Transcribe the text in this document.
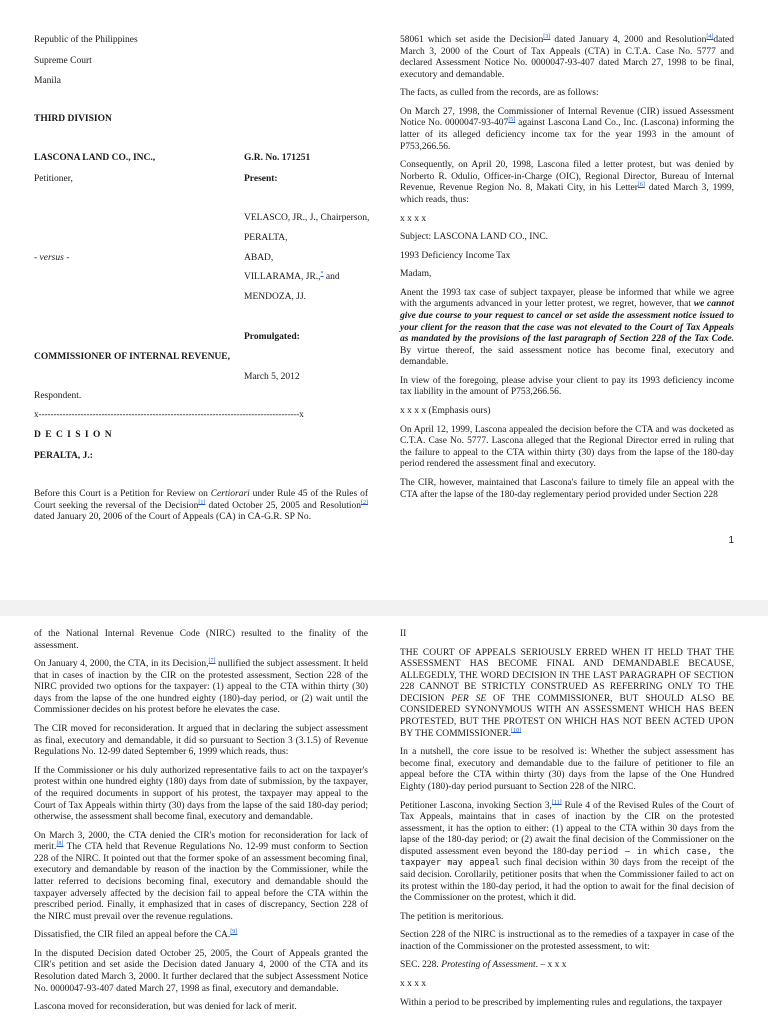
Republic of the Philippines
Supreme Court
Manila
THIRD DIVISION
LASCONA LAND CO., INC.,	G.R. No. 171251
Petitioner,	Present:
VELASCO, JR., J., Chairperson,
PERALTA,
- versus -	ABAD,
VILLARAMA, JR.,* and
MENDOZA, JJ.
Promulgated:
COMMISSIONER OF INTERNAL REVENUE,
March 5, 2012
Respondent.
x---------------------------------------------------------------------------------------x
D E C I S I O N
PERALTA, J.:

Before this Court is a Petition for Review on Certiorari under Rule 45 of the Rules of Court seeking the reversal of the Decision[1] dated October 25, 2005 and Resolution[2] dated January 20, 2006 of the Court of Appeals (CA) in CA-G.R. SP No.

58061 which set aside the Decision[3] dated January 4, 2000 and Resolution[4]dated March 3, 2000 of the Court of Tax Appeals (CTA) in C.T.A. Case No. 5777 and declared Assessment Notice No. 0000047-93-407 dated March 27, 1998 to be final, executory and demandable.

The facts, as culled from the records, are as follows:

On March 27, 1998, the Commissioner of Internal Revenue (CIR) issued Assessment Notice No. 0000047-93-407[5] against Lascona Land Co., Inc. (Lascona) informing the latter of its alleged deficiency income tax for the year 1993 in the amount of P753,266.56.

Consequently, on April 20, 1998, Lascona filed a letter protest, but was denied by Norberto R. Odulio, Officer-in-Charge (OIC), Regional Director, Bureau of Internal Revenue, Revenue Region No. 8, Makati City, in his Letter[6] dated March 3, 1999, which reads, thus:

x x x x

Subject: LASCONA LAND CO., INC.

1993 Deficiency Income Tax

Madam,

Anent the 1993 tax case of subject taxpayer, please be informed that while we agree with the arguments advanced in your letter protest, we regret, however, that we cannot give due course to your request to cancel or set aside the assessment notice issued to your client for the reason that the case was not elevated to the Court of Tax Appeals as mandated by the provisions of the last paragraph of Section 228 of the Tax Code. By virtue thereof, the said assessment notice has become final, executory and demandable.

In view of the foregoing, please advise your client to pay its 1993 deficiency income tax liability in the amount of P753,266.56.

x x x x (Emphasis ours)

On April 12, 1999, Lascona appealed the decision before the CTA and was docketed as C.T.A. Case No. 5777. Lascona alleged that the Regional Director erred in ruling that the failure to appeal to the CTA within thirty (30) days from the lapse of the 180-day period rendered the assessment final and executory.

The CIR, however, maintained that Lascona's failure to timely file an appeal with the CTA after the lapse of the 180-day reglementary period provided under Section 228

1

of the National Internal Revenue Code (NIRC) resulted to the finality of the assessment.

On January 4, 2000, the CTA, in its Decision,[7] nullified the subject assessment. It held that in cases of inaction by the CIR on the protested assessment, Section 228 of the NIRC provided two options for the taxpayer: (1) appeal to the CTA within thirty (30) days from the lapse of the one hundred eighty (180)-day period, or (2) wait until the Commissioner decides on his protest before he elevates the case.

The CIR moved for reconsideration. It argued that in declaring the subject assessment as final, executory and demandable, it did so pursuant to Section 3 (3.1.5) of Revenue Regulations No. 12-99 dated September 6, 1999 which reads, thus:

If the Commissioner or his duly authorized representative fails to act on the taxpayer's protest within one hundred eighty (180) days from date of submission, by the taxpayer, of the required documents in support of his protest, the taxpayer may appeal to the Court of Tax Appeals within thirty (30) days from the lapse of the said 180-day period; otherwise, the assessment shall become final, executory and demandable.

On March 3, 2000, the CTA denied the CIR's motion for reconsideration for lack of merit.[8] The CTA held that Revenue Regulations No. 12-99 must conform to Section 228 of the NIRC. It pointed out that the former spoke of an assessment becoming final, executory and demandable by reason of the inaction by the Commissioner, while the latter referred to decisions becoming final, executory and demandable should the taxpayer adversely affected by the decision fail to appeal before the CTA within the prescribed period. Finally, it emphasized that in cases of discrepancy, Section 228 of the NIRC must prevail over the revenue regulations.

Dissatisfied, the CIR filed an appeal before the CA.[9]

In the disputed Decision dated October 25, 2005, the Court of Appeals granted the CIR's petition and set aside the Decision dated January 4, 2000 of the CTA and its Resolution dated March 3, 2000. It further declared that the subject Assessment Notice No. 0000047-93-407 dated March 27, 1998 as final, executory and demandable.

Lascona moved for reconsideration, but was denied for lack of merit.

II

THE COURT OF APPEALS SERIOUSLY ERRED WHEN IT HELD THAT THE ASSESSMENT HAS BECOME FINAL AND DEMANDABLE BECAUSE, ALLEGEDLY, THE WORD DECISION IN THE LAST PARAGRAPH OF SECTION 228 CANNOT BE STRICTLY CONSTRUED AS REFERRING ONLY TO THE DECISION PER SE OF THE COMMISSIONER, BUT SHOULD ALSO BE CONSIDERED SYNONYMOUS WITH AN ASSESSMENT WHICH HAS BEEN PROTESTED, BUT THE PROTEST ON WHICH HAS NOT BEEN ACTED UPON BY THE COMMISSIONER.[10]

In a nutshell, the core issue to be resolved is: Whether the subject assessment has become final, executory and demandable due to the failure of petitioner to file an appeal before the CTA within thirty (30) days from the lapse of the One Hundred Eighty (180)-day period pursuant to Section 228 of the NIRC.

Petitioner Lascona, invoking Section 3,[11] Rule 4 of the Revised Rules of the Court of Tax Appeals, maintains that in cases of inaction by the CIR on the protested assessment, it has the option to either: (1) appeal to the CTA within 30 days from the lapse of the 180-day period; or (2) await the final decision of the Commissioner on the disputed assessment even beyond the 180-day period – in which case, the taxpayer may appeal such final decision within 30 days from the receipt of the said decision. Corollarily, petitioner posits that when the Commissioner failed to act on its protest within the 180-day period, it had the option to await for the final decision of the Commissioner on the protest, which it did.

The petition is meritorious.

Section 228 of the NIRC is instructional as to the remedies of a taxpayer in case of the inaction of the Commissioner on the protested assessment, to wit:

SEC. 228. Protesting of Assessment. – x x x

x x x x

Within a period to be prescribed by implementing rules and regulations, the taxpayer
